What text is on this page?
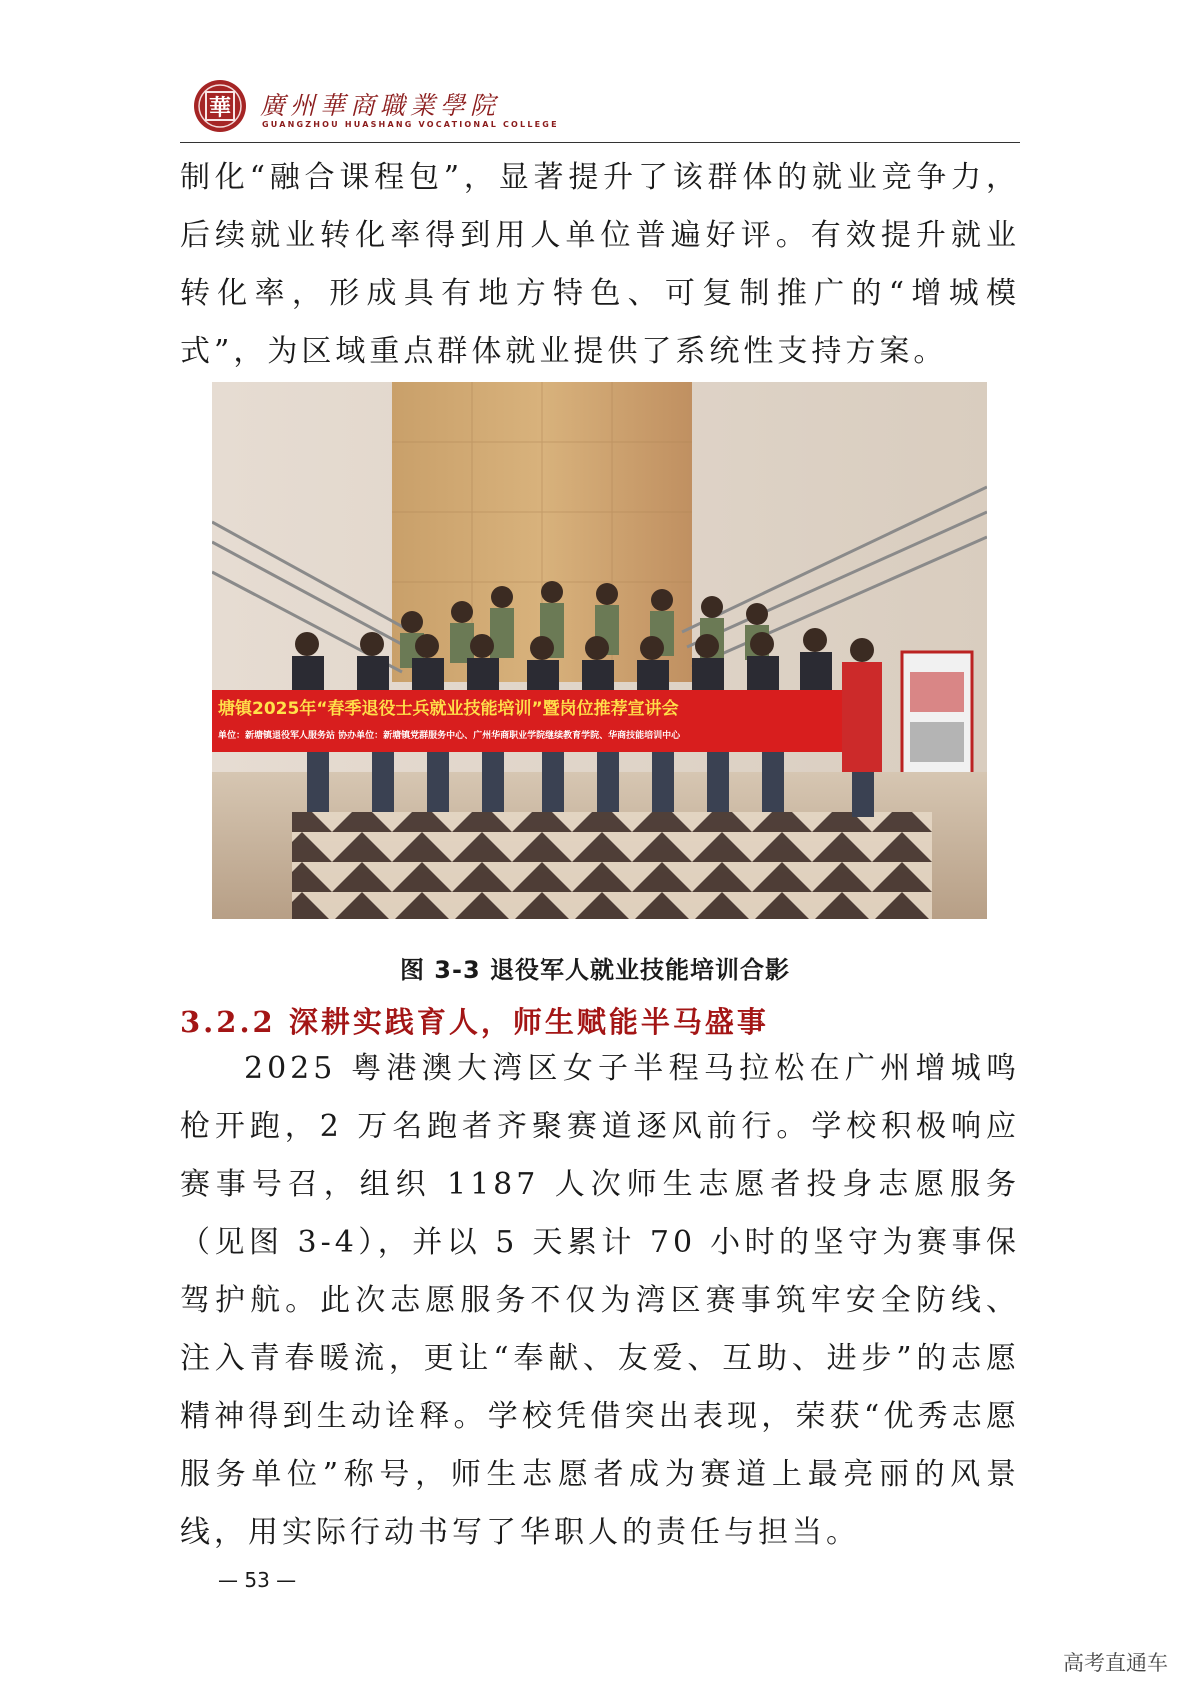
華 廣州華商職業學院
GUANGZHOU HUASHANG VOCATIONAL COLLEGE

制化“融合课程包”，显著提升了该群体的就业竞争力，后续就业转化率得到用人单位普遍好评。有效提升就业转化率，形成具有地方特色、可复制推广的“增城模式”，为区域重点群体就业提供了系统性支持方案。

塘镇2025年“春季退役士兵就业技能培训”暨岗位推荐宣讲会
单位：新塘镇退役军人服务站 协办单位：新塘镇党群服务中心、广州华商职业学院继续教育学院、华商技能培训中心
图 3-3 退役军人就业技能培训合影
3.2.2 深耕实践育人，师生赋能半马盛事

2025 粤港澳大湾区女子半程马拉松在广州增城鸣枪开跑，2 万名跑者齐聚赛道逐风前行。学校积极响应赛事号召，组织 1187 人次师生志愿者投身志愿服务（见图 3-4），并以 5 天累计 70 小时的坚守为赛事保驾护航。此次志愿服务不仅为湾区赛事筑牢安全防线、注入青春暖流，更让“奉献、友爱、互助、进步”的志愿精神得到生动诠释。学校凭借突出表现，荣获“优秀志愿服务单位”称号，师生志愿者成为赛道上最亮丽的风景线，用实际行动书写了华职人的责任与担当。

— 53 —
高考直通车
